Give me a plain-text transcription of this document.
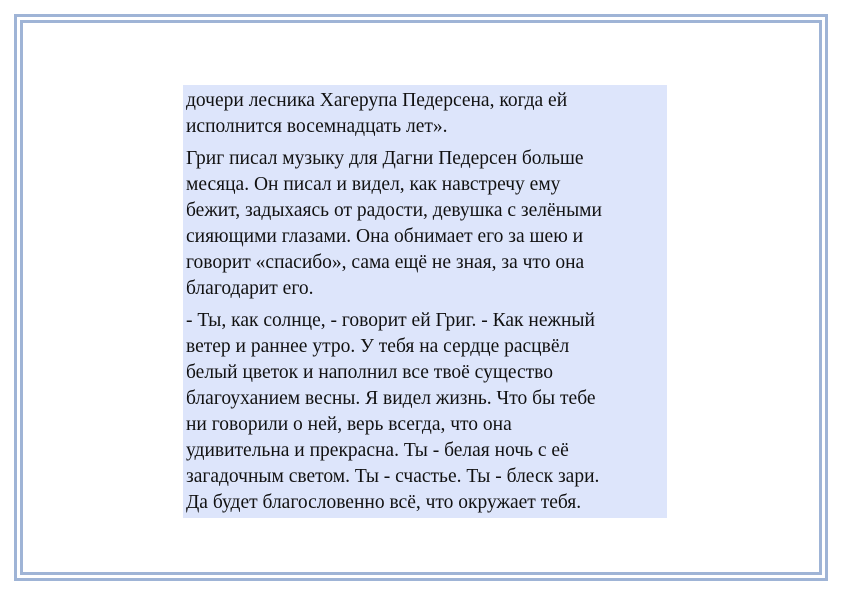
дочери лесника Хагерупа Педерсена, когда ей
исполнится восемнадцать лет».

Григ писал музыку для Дагни Педерсен больше
месяца. Он писал и видел, как навстречу ему
бежит, задыхаясь от радости, девушка с зелёными
сияющими глазами. Она обнимает его за шею и
говорит «спасибо», сама ещё не зная, за что она
благодарит его.

- Ты, как солнце, - говорит ей Григ. - Как нежный
ветер и раннее утро. У тебя на сердце расцвёл
белый цветок и наполнил все твоё существо
благоуханием весны. Я видел жизнь. Что бы тебе
ни говорили о ней, верь всегда, что она
удивительна и прекрасна. Ты - белая ночь с её
загадочным светом. Ты - счастье. Ты - блеск зари.
Да будет благословенно всё, что окружает тебя.
